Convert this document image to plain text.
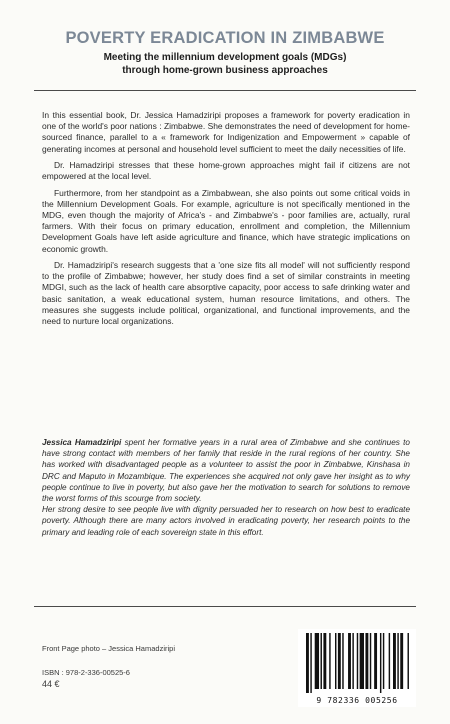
POVERTY ERADICATION IN ZIMBABWE
Meeting the millennium development goals (MDGs)
through home-grown business approaches

In this essential book, Dr. Jessica Hamadziripi proposes a framework for poverty eradication in one of the world's poor nations : Zimbabwe. She demonstrates the need of development for home-sourced finance, parallel to a « framework for Indigenization and Empowerment » capable of generating incomes at personal and household level sufficient to meet the daily necessities of life.

Dr. Hamadziripi stresses that these home-grown approaches might fail if citizens are not empowered at the local level.

Furthermore, from her standpoint as a Zimbabwean, she also points out some critical voids in the Millennium Development Goals. For example, agriculture is not specifically mentioned in the MDG, even though the majority of Africa's - and Zimbabwe's - poor families are, actually, rural farmers. With their focus on primary education, enrollment and completion, the Millennium Development Goals have left aside agriculture and finance, which have strategic implications on economic growth.

Dr. Hamadziripi's research suggests that a 'one size fits all model' will not sufficiently respond to the profile of Zimbabwe; however, her study does find a set of similar constraints in meeting MDGI, such as the lack of health care absorptive capacity, poor access to safe drinking water and basic sanitation, a weak educational system, human resource limitations, and others. The measures she suggests include political, organizational, and functional improvements, and the need to nurture local organizations.

Jessica Hamadziripi spent her formative years in a rural area of Zimbabwe and she continues to have strong contact with members of her family that reside in the rural regions of her country. She has worked with disadvantaged people as a volunteer to assist the poor in Zimbabwe, Kinshasa in DRC and Maputo in Mozambique. The experiences she acquired not only gave her insight as to why people continue to live in poverty, but also gave her the motivation to search for solutions to remove the worst forms of this scourge from society.

Her strong desire to see people live with dignity persuaded her to research on how best to eradicate poverty. Although there are many actors involved in eradicating poverty, her research points to the primary and leading role of each sovereign state in this effort.

Front Page photo – Jessica Hamadziripi
ISBN : 978-2-336-00525-6
44 €
9 782336 005256
